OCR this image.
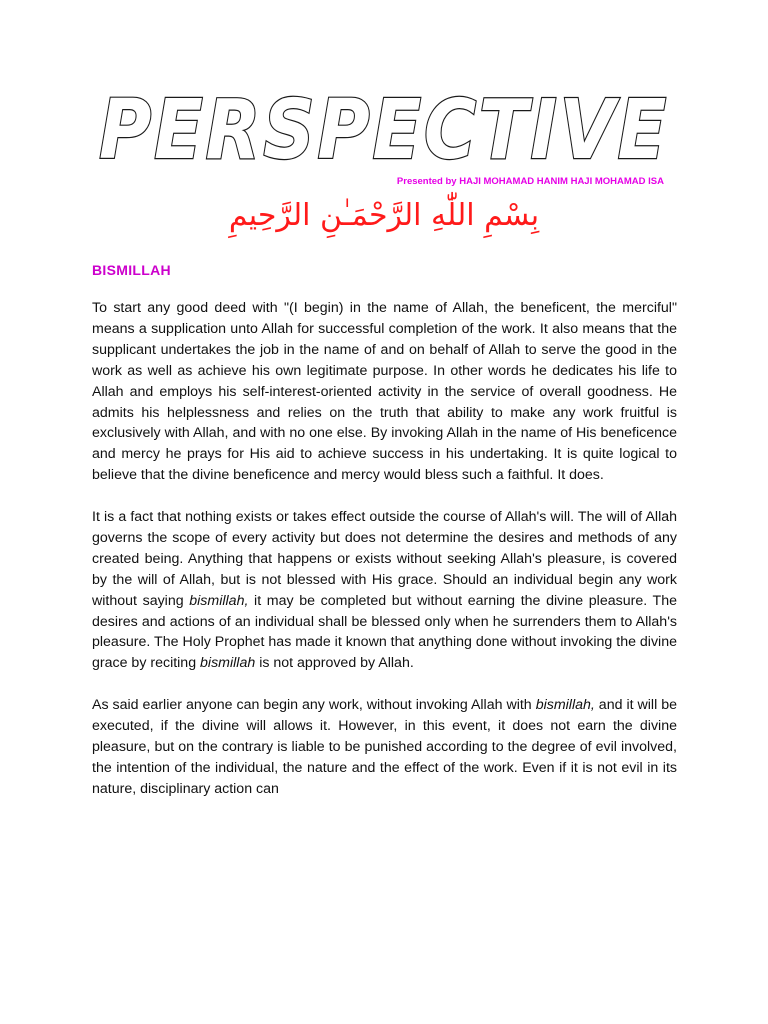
PERSPECTIVE
Presented by HAJI MOHAMAD HANIM HAJI MOHAMAD ISA
بِسْمِ اللّٰهِ الرَّحْمَـٰنِ الرَّحِيمِ
BISMILLAH

To start any good deed with "(I begin) in the name of Allah, the beneficent, the merciful" means a supplication unto Allah for successful completion of the work. It also means that the supplicant undertakes the job in the name of and on behalf of Allah to serve the good in the work as well as achieve his own legitimate purpose. In other words he dedicates his life to Allah and employs his self-interest-oriented activity in the service of overall goodness. He admits his helplessness and relies on the truth that ability to make any work fruitful is exclusively with Allah, and with no one else. By invoking Allah in the name of His beneficence and mercy he prays for His aid to achieve success in his undertaking. It is quite logical to believe that the divine beneficence and mercy would bless such a faithful. It does.

It is a fact that nothing exists or takes effect outside the course of Allah's will. The will of Allah governs the scope of every activity but does not determine the desires and methods of any created being. Anything that happens or exists without seeking Allah's pleasure, is covered by the will of Allah, but is not blessed with His grace. Should an individual begin any work without saying bismillah, it may be completed but without earning the divine pleasure. The desires and actions of an individual shall be blessed only when he surrenders them to Allah's pleasure. The Holy Prophet has made it known that anything done without invoking the divine grace by reciting bismillah is not approved by Allah.

As said earlier anyone can begin any work, without invoking Allah with bismillah, and it will be executed, if the divine will allows it. However, in this event, it does not earn the divine pleasure, but on the contrary is liable to be punished according to the degree of evil involved, the intention of the individual, the nature and the effect of the work. Even if it is not evil in its nature, disciplinary action can
